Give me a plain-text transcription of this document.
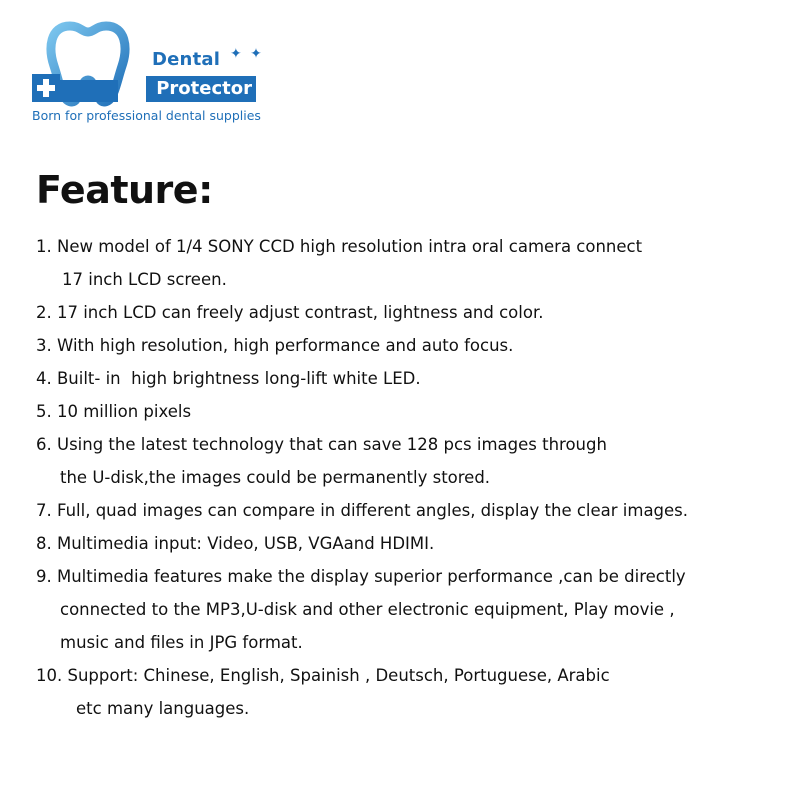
Dental ✦ ✦
Protector
Born for professional dental supplies
Feature:
1. New model of 1/4 SONY CCD high resolution intra oral camera connect
17 inch LCD screen.
2. 17 inch LCD can freely adjust contrast, lightness and color.
3. With high resolution, high performance and auto focus.
4. Built- in  high brightness long-lift white LED.
5. 10 million pixels
6. Using the latest technology that can save 128 pcs images through
the U-disk,the images could be permanently stored.
7. Full, quad images can compare in different angles, display the clear images.
8. Multimedia input: Video, USB, VGAand HDIMI.
9. Multimedia features make the display superior performance ,can be directly
connected to the MP3,U-disk and other electronic equipment, Play movie ,
music and files in JPG format.
10. Support: Chinese, English, Spainish , Deutsch, Portuguese, Arabic
etc many languages.
